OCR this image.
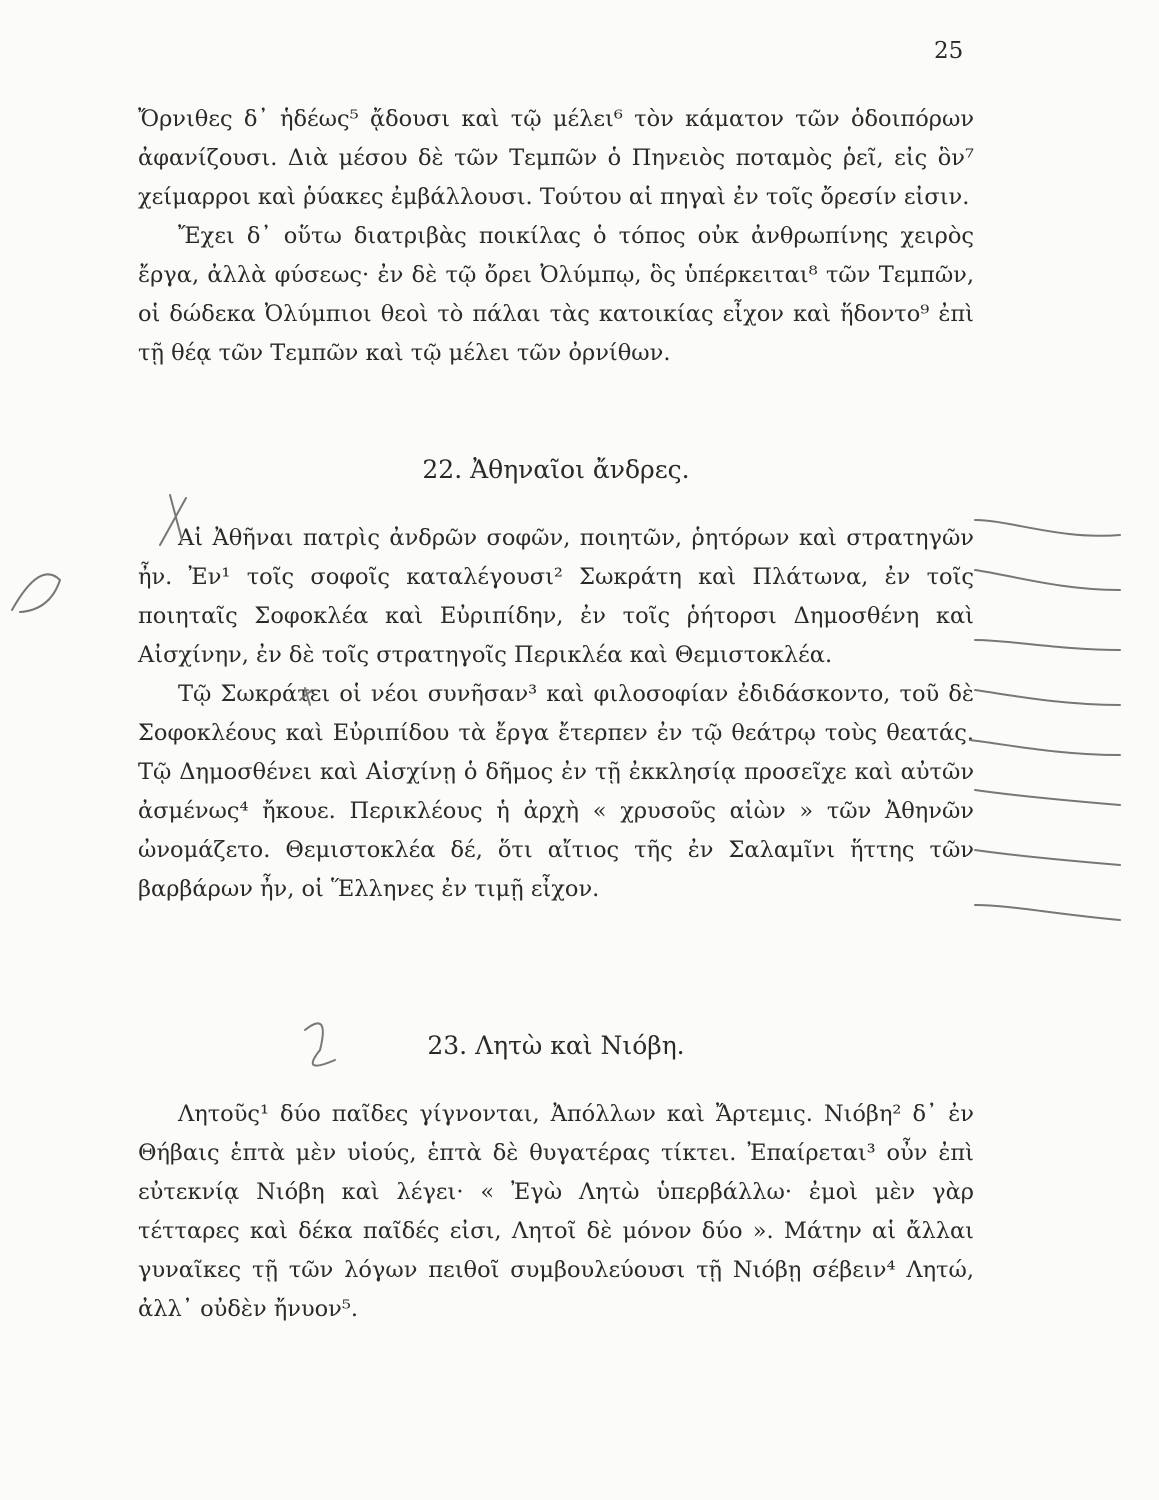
25

Ὄρνιθες δ᾿ ἡδέως⁵ ᾄδουσι καὶ τῷ μέλει⁶ τὸν κάματον τῶν ὁδοιπόρων ἀφανίζουσι. Διὰ μέσου δὲ τῶν Τεμπῶν ὁ Πηνειὸς ποταμὸς ῥεῖ, εἰς ὃν⁷ χείμαρροι καὶ ῥύακες ἐμβάλλουσι. Τούτου αἱ πηγαὶ ἐν τοῖς ὄρεσίν εἰσιν.

Ἔχει δ᾿ οὕτω διατριβὰς ποικίλας ὁ τόπος οὐκ ἀνθρωπίνης χειρὸς ἔργα, ἀλλὰ φύσεως· ἐν δὲ τῷ ὄρει Ὀλύμπῳ, ὃς ὑπέρκειται⁸ τῶν Τεμπῶν, οἱ δώδεκα Ὀλύμπιοι θεοὶ τὸ πάλαι τὰς κατοικίας εἶχον καὶ ἥδοντο⁹ ἐπὶ τῇ θέᾳ τῶν Τεμπῶν καὶ τῷ μέλει τῶν ὀρνίθων.

22. Ἀθηναῖοι ἄνδρες.

Αἱ Ἀθῆναι πατρὶς ἀνδρῶν σοφῶν, ποιητῶν, ῥητόρων καὶ στρατηγῶν ἦν. Ἐν¹ τοῖς σοφοῖς καταλέγουσι² Σωκράτη καὶ Πλάτωνα, ἐν τοῖς ποιηταῖς Σοφοκλέα καὶ Εὐριπίδην, ἐν τοῖς ῥήτορσι Δημοσθένη καὶ Αἰσχίνην, ἐν δὲ τοῖς στρατηγοῖς Περικλέα καὶ Θεμιστοκλέα.

Τῷ Σωκράτει οἱ νέοι συνῆσαν³ καὶ φιλοσοφίαν ἐδιδάσκοντο, τοῦ δὲ Σοφοκλέους καὶ Εὐριπίδου τὰ ἔργα ἔτερπεν ἐν τῷ θεάτρῳ τοὺς θεατάς. Τῷ Δημοσθένει καὶ Αἰσχίνῃ ὁ δῆμος ἐν τῇ ἐκκλησίᾳ προσεῖχε καὶ αὐτῶν ἀσμένως⁴ ἤκουε. Περικλέους ἡ ἀρχὴ « χρυσοῦς αἰὼν » τῶν Ἀθηνῶν ὠνομάζετο. Θεμιστοκλέα δέ, ὅτι αἴτιος τῆς ἐν Σαλαμῖνι ἥττης τῶν βαρβάρων ἦν, οἱ Ἕλληνες ἐν τιμῇ εἶχον.

23. Λητὼ καὶ Νιόβη.

Λητοῦς¹ δύο παῖδες γίγνονται, Ἀπόλλων καὶ Ἄρτεμις. Νιόβη² δ᾿ ἐν Θήβαις ἑπτὰ μὲν υἱούς, ἑπτὰ δὲ θυγατέρας τίκτει. Ἐπαίρεται³ οὖν ἐπὶ εὐτεκνίᾳ Νιόβη καὶ λέγει· « Ἐγὼ Λητὼ ὑπερβάλλω· ἐμοὶ μὲν γὰρ τέτταρες καὶ δέκα παῖδές εἰσι, Λητοῖ δὲ μόνον δύο ». Μάτην αἱ ἄλλαι γυναῖκες τῇ τῶν λόγων πειθοῖ συμβουλεύουσι τῇ Νιόβῃ σέβειν⁴ Λητώ, ἀλλ᾿ οὐδὲν ἤνυον⁵.
